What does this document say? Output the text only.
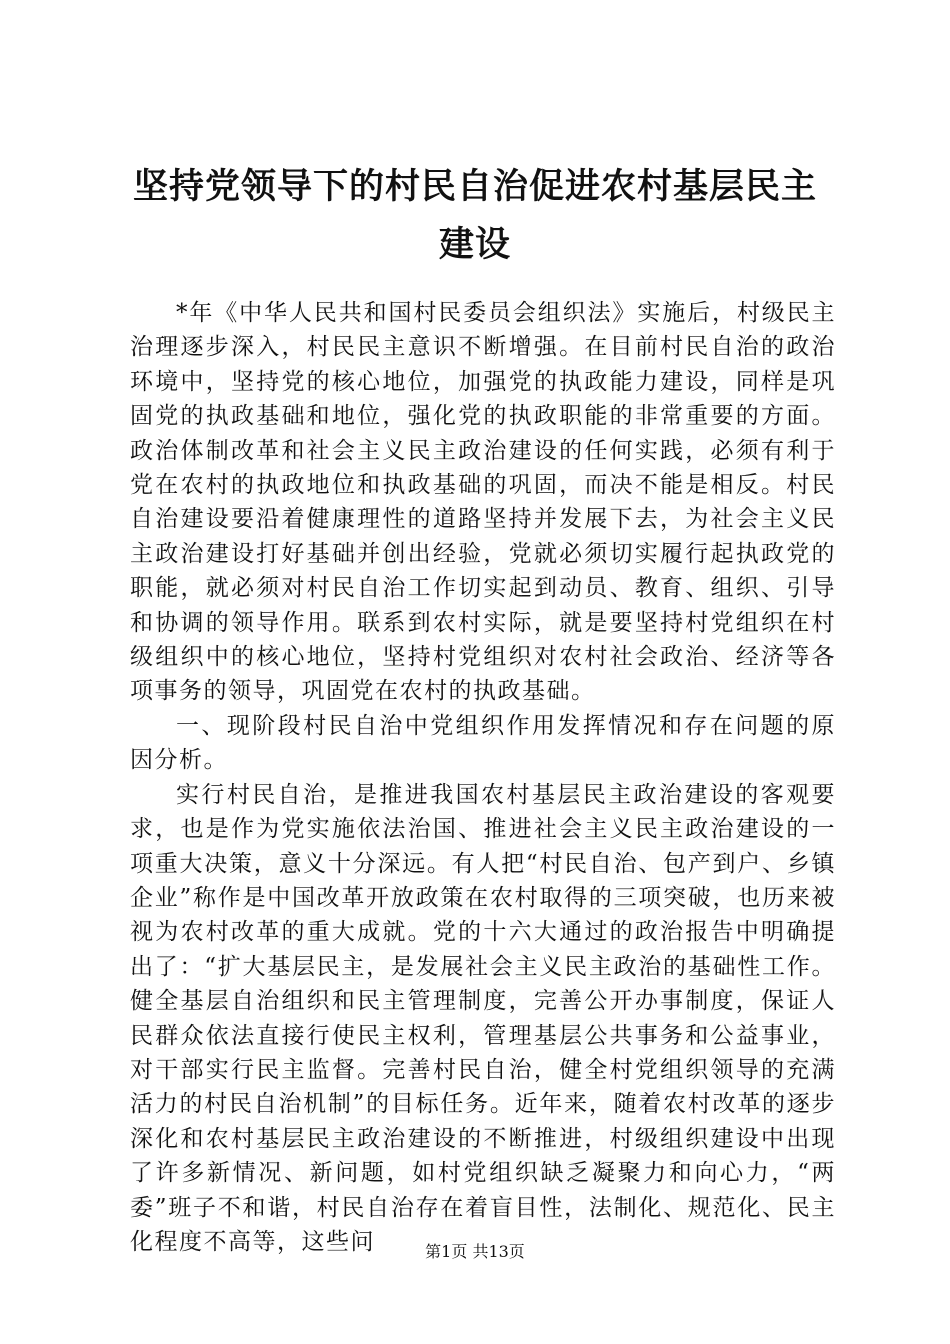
坚持党领导下的村民自治促进农村基层民主建设

*年《中华人民共和国村民委员会组织法》实施后，村级民主治理逐步深入，村民民主意识不断增强。在目前村民自治的政治环境中，坚持党的核心地位，加强党的执政能力建设，同样是巩固党的执政基础和地位，强化党的执政职能的非常重要的方面。政治体制改革和社会主义民主政治建设的任何实践，必须有利于党在农村的执政地位和执政基础的巩固，而决不能是相反。村民自治建设要沿着健康理性的道路坚持并发展下去，为社会主义民主政治建设打好基础并创出经验，党就必须切实履行起执政党的职能，就必须对村民自治工作切实起到动员、教育、组织、引导和协调的领导作用。联系到农村实际，就是要坚持村党组织在村级组织中的核心地位，坚持村党组织对农村社会政治、经济等各项事务的领导，巩固党在农村的执政基础。

一、现阶段村民自治中党组织作用发挥情况和存在问题的原因分析。

实行村民自治，是推进我国农村基层民主政治建设的客观要求，也是作为党实施依法治国、推进社会主义民主政治建设的一项重大决策，意义十分深远。有人把“村民自治、包产到户、乡镇企业”称作是中国改革开放政策在农村取得的三项突破，也历来被视为农村改革的重大成就。党的十六大通过的政治报告中明确提出了：“扩大基层民主，是发展社会主义民主政治的基础性工作。健全基层自治组织和民主管理制度，完善公开办事制度，保证人民群众依法直接行使民主权利，管理基层公共事务和公益事业，对干部实行民主监督。完善村民自治，健全村党组织领导的充满活力的村民自治机制”的目标任务。近年来，随着农村改革的逐步深化和农村基层民主政治建设的不断推进，村级组织建设中出现了许多新情况、新问题，如村党组织缺乏凝聚力和向心力，“两委”班子不和谐，村民自治存在着盲目性，法制化、规范化、民主化程度不高等，这些问	第1页 共13页
